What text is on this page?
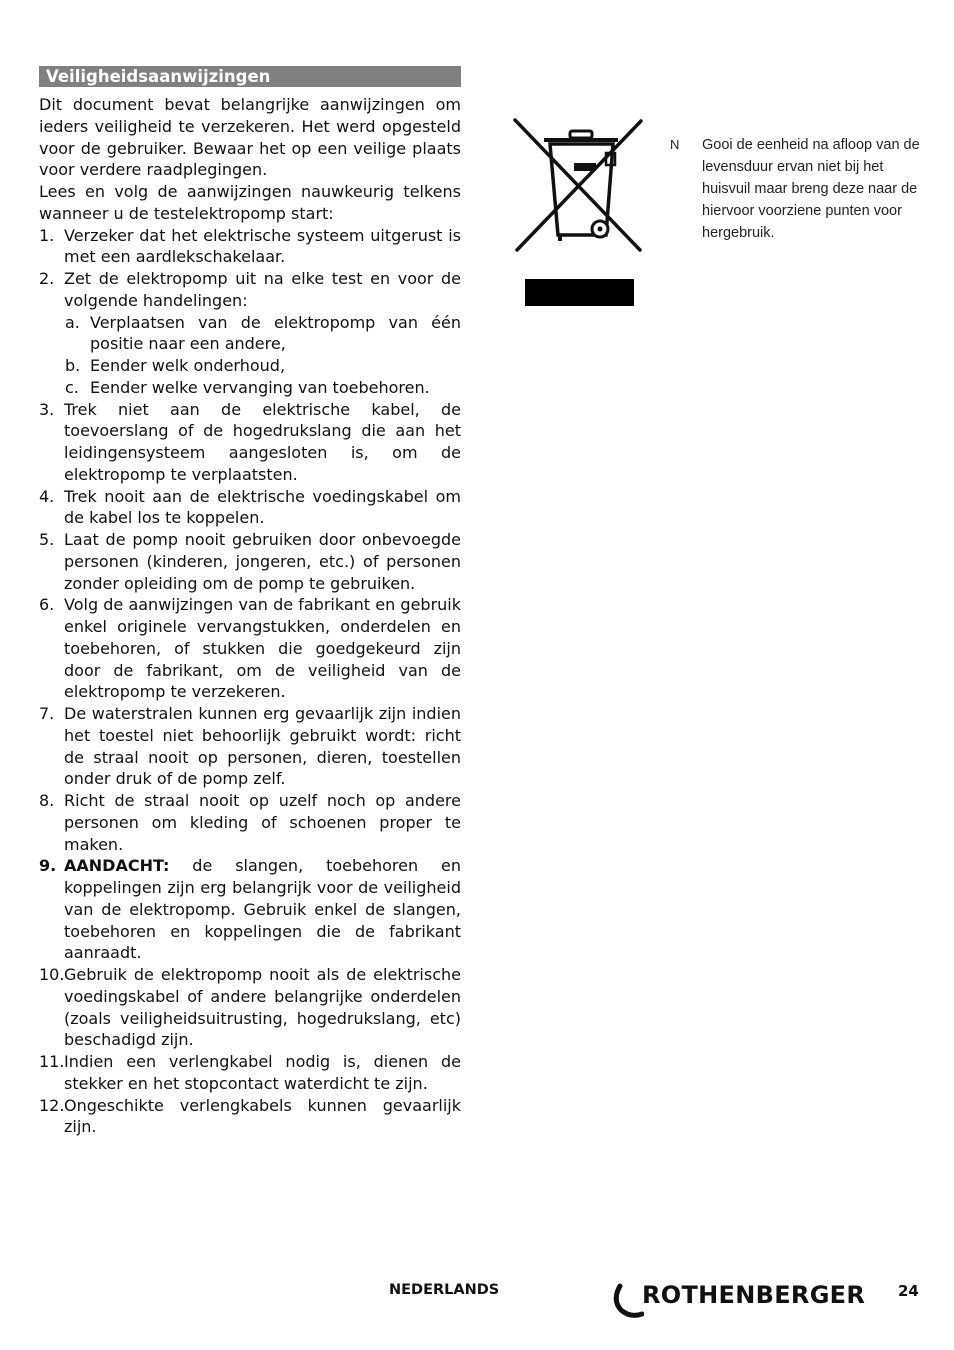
Veiligheidsaanwijzingen

Dit document bevat belangrijke aanwijzingen om ieders veiligheid te verzekeren. Het werd opgesteld voor de gebruiker. Bewaar het op een veilige plaats voor verdere raadplegingen.

Lees en volg de aanwijzingen nauwkeurig telkens wanneer u de testelektropomp start:

1. Verzeker dat het elektrische systeem uitgerust is met een aardlekschakelaar.
2. Zet de elektropomp uit na elke test en voor de volgende handelingen:
a. Verplaatsen van de elektropomp van één positie naar een andere,
b. Eender welk onderhoud,
c. Eender welke vervanging van toebehoren.
3. Trek niet aan de elektrische kabel, de toevoerslang of de hogedrukslang die aan het leidingensysteem aangesloten is, om de elektropomp te verplaatsten.
4. Trek nooit aan de elektrische voedingskabel om de kabel los te koppelen.
5. Laat de pomp nooit gebruiken door onbevoegde personen (kinderen, jongeren, etc.) of personen zonder opleiding om de pomp te gebruiken.
6. Volg de aanwijzingen van de fabrikant en gebruik enkel originele vervangstukken, onderdelen en toebehoren, of stukken die goedgekeurd zijn door de fabrikant, om de veiligheid van de elektropomp te verzekeren.
7. De waterstralen kunnen erg gevaarlijk zijn indien het toestel niet behoorlijk gebruikt wordt: richt de straal nooit op personen, dieren, toestellen onder druk of de pomp zelf.
8. Richt de straal nooit op uzelf noch op andere personen om kleding of schoenen proper te maken.
9. AANDACHT: de slangen, toebehoren en koppelingen zijn erg belangrijk voor de veiligheid van de elektropomp. Gebruik enkel de slangen, toebehoren en koppelingen die de fabrikant aanraadt.
10. Gebruik de elektropomp nooit als de elektrische voedingskabel of andere belangrijke onderdelen (zoals veiligheidsuitrusting, hogedrukslang, etc) beschadigd zijn.
11. Indien een verlengkabel nodig is, dienen de stekker en het stopcontact waterdicht te zijn.
12. Ongeschikte verlengkabels kunnen gevaarlijk zijn.
N Gooi de eenheid na afloop van de levensduur ervan niet bij het huisvuil maar breng deze naar de hiervoor voorziene punten voor hergebruik.
NEDERLANDS	ROTHENBERGER 24
